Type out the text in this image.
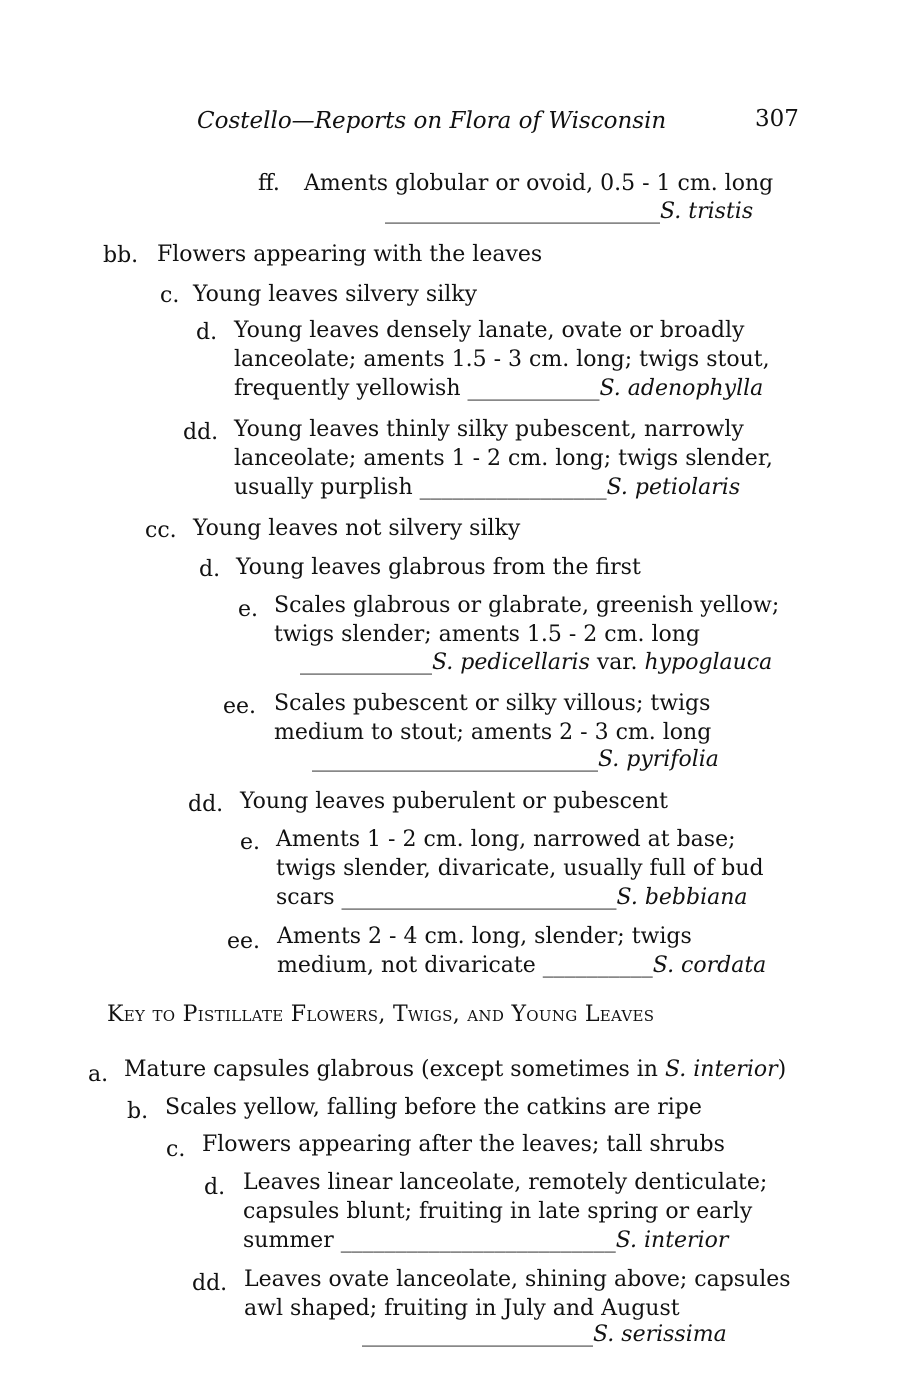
Costello—Reports on Flora of Wisconsin	307
ff. Aments globular or ovoid, 0.5 - 1 cm. long
_________________________S. tristis
bb. Flowers appearing with the leaves
c. Young leaves silvery silky
d. Young leaves densely lanate, ovate or broadly
lanceolate; aments 1.5 - 3 cm. long; twigs stout,
frequently yellowish ____________S. adenophylla
dd. Young leaves thinly silky pubescent, narrowly
lanceolate; aments 1 - 2 cm. long; twigs slender,
usually purplish _________________S. petiolaris
cc. Young leaves not silvery silky
d. Young leaves glabrous from the first
e. Scales glabrous or glabrate, greenish yellow;
twigs slender; aments 1.5 - 2 cm. long
____________S. pedicellaris var. hypoglauca
ee. Scales pubescent or silky villous; twigs
medium to stout; aments 2 - 3 cm. long
__________________________S. pyrifolia
dd. Young leaves puberulent or pubescent
e. Aments 1 - 2 cm. long, narrowed at base;
twigs slender, divaricate, usually full of bud
scars _________________________S. bebbiana
ee. Aments 2 - 4 cm. long, slender; twigs
medium, not divaricate __________S. cordata
Key to Pistillate Flowers, Twigs, and Young Leaves
a. Mature capsules glabrous (except sometimes in S. interior)
b. Scales yellow, falling before the catkins are ripe
c. Flowers appearing after the leaves; tall shrubs
d. Leaves linear lanceolate, remotely denticulate;
capsules blunt; fruiting in late spring or early
summer _________________________S. interior
dd. Leaves ovate lanceolate, shining above; capsules
awl shaped; fruiting in July and August
_____________________S. serissima
